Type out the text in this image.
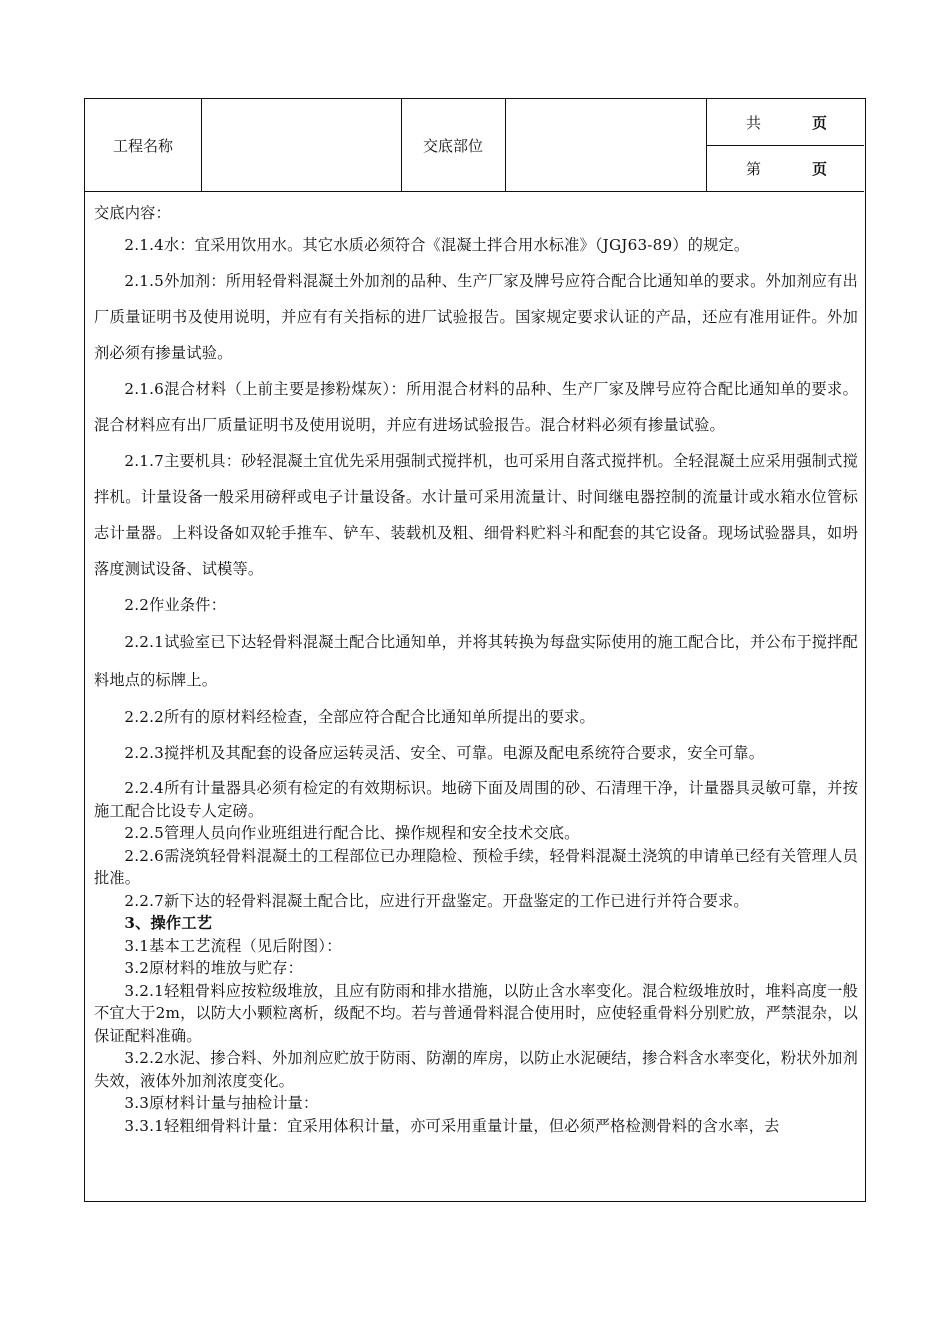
工程名称	交底部位
共	页
第	页

交底内容：

2.1.4水：宜采用饮用水。其它水质必须符合《混凝土拌合用水标准》（JGJ63-89）的规定。

2.1.5外加剂：所用轻骨料混凝土外加剂的品种、生产厂家及牌号应符合配合比通知单的要求。外加剂应有出厂质量证明书及使用说明，并应有有关指标的进厂试验报告。国家规定要求认证的产品，还应有准用证件。外加剂必须有掺量试验。

2.1.6混合材料（上前主要是掺粉煤灰）：所用混合材料的品种、生产厂家及牌号应符合配比通知单的要求。混合材料应有出厂质量证明书及使用说明，并应有进场试验报告。混合材料必须有掺量试验。

2.1.7主要机具：砂轻混凝土宜优先采用强制式搅拌机，也可采用自落式搅拌机。全轻混凝土应采用强制式搅拌机。计量设备一般采用磅秤或电子计量设备。水计量可采用流量计、时间继电器控制的流量计或水箱水位管标志计量器。上料设备如双轮手推车、铲车、装载机及粗、细骨料贮料斗和配套的其它设备。现场试验器具，如坍落度测试设备、试模等。

2.2作业条件：

2.2.1试验室已下达轻骨料混凝土配合比通知单，并将其转换为每盘实际使用的施工配合比，并公布于搅拌配料地点的标牌上。

2.2.2所有的原材料经检查，全部应符合配合比通知单所提出的要求。

2.2.3搅拌机及其配套的设备应运转灵活、安全、可靠。电源及配电系统符合要求，安全可靠。

2.2.4所有计量器具必须有检定的有效期标识。地磅下面及周围的砂、石清理干净，计量器具灵敏可靠，并按施工配合比设专人定磅。

2.2.5管理人员向作业班组进行配合比、操作规程和安全技术交底。

2.2.6需浇筑轻骨料混凝土的工程部位已办理隐检、预检手续，轻骨料混凝土浇筑的申请单已经有关管理人员批准。

2.2.7新下达的轻骨料混凝土配合比，应进行开盘鉴定。开盘鉴定的工作已进行并符合要求。

3、操作工艺

3.1基本工艺流程（见后附图）：

3.2原材料的堆放与贮存：

3.2.1轻粗骨料应按粒级堆放，且应有防雨和排水措施，以防止含水率变化。混合粒级堆放时，堆料高度一般不宜大于2m，以防大小颗粒离析，级配不均。若与普通骨料混合使用时，应使轻重骨料分别贮放，严禁混杂，以保证配料准确。

3.2.2水泥、掺合料、外加剂应贮放于防雨、防潮的库房，以防止水泥硬结，掺合料含水率变化，粉状外加剂失效，液体外加剂浓度变化。

3.3原材料计量与抽检计量：

3.3.1轻粗细骨料计量：宜采用体积计量，亦可采用重量计量，但必须严格检测骨料的含水率，去
